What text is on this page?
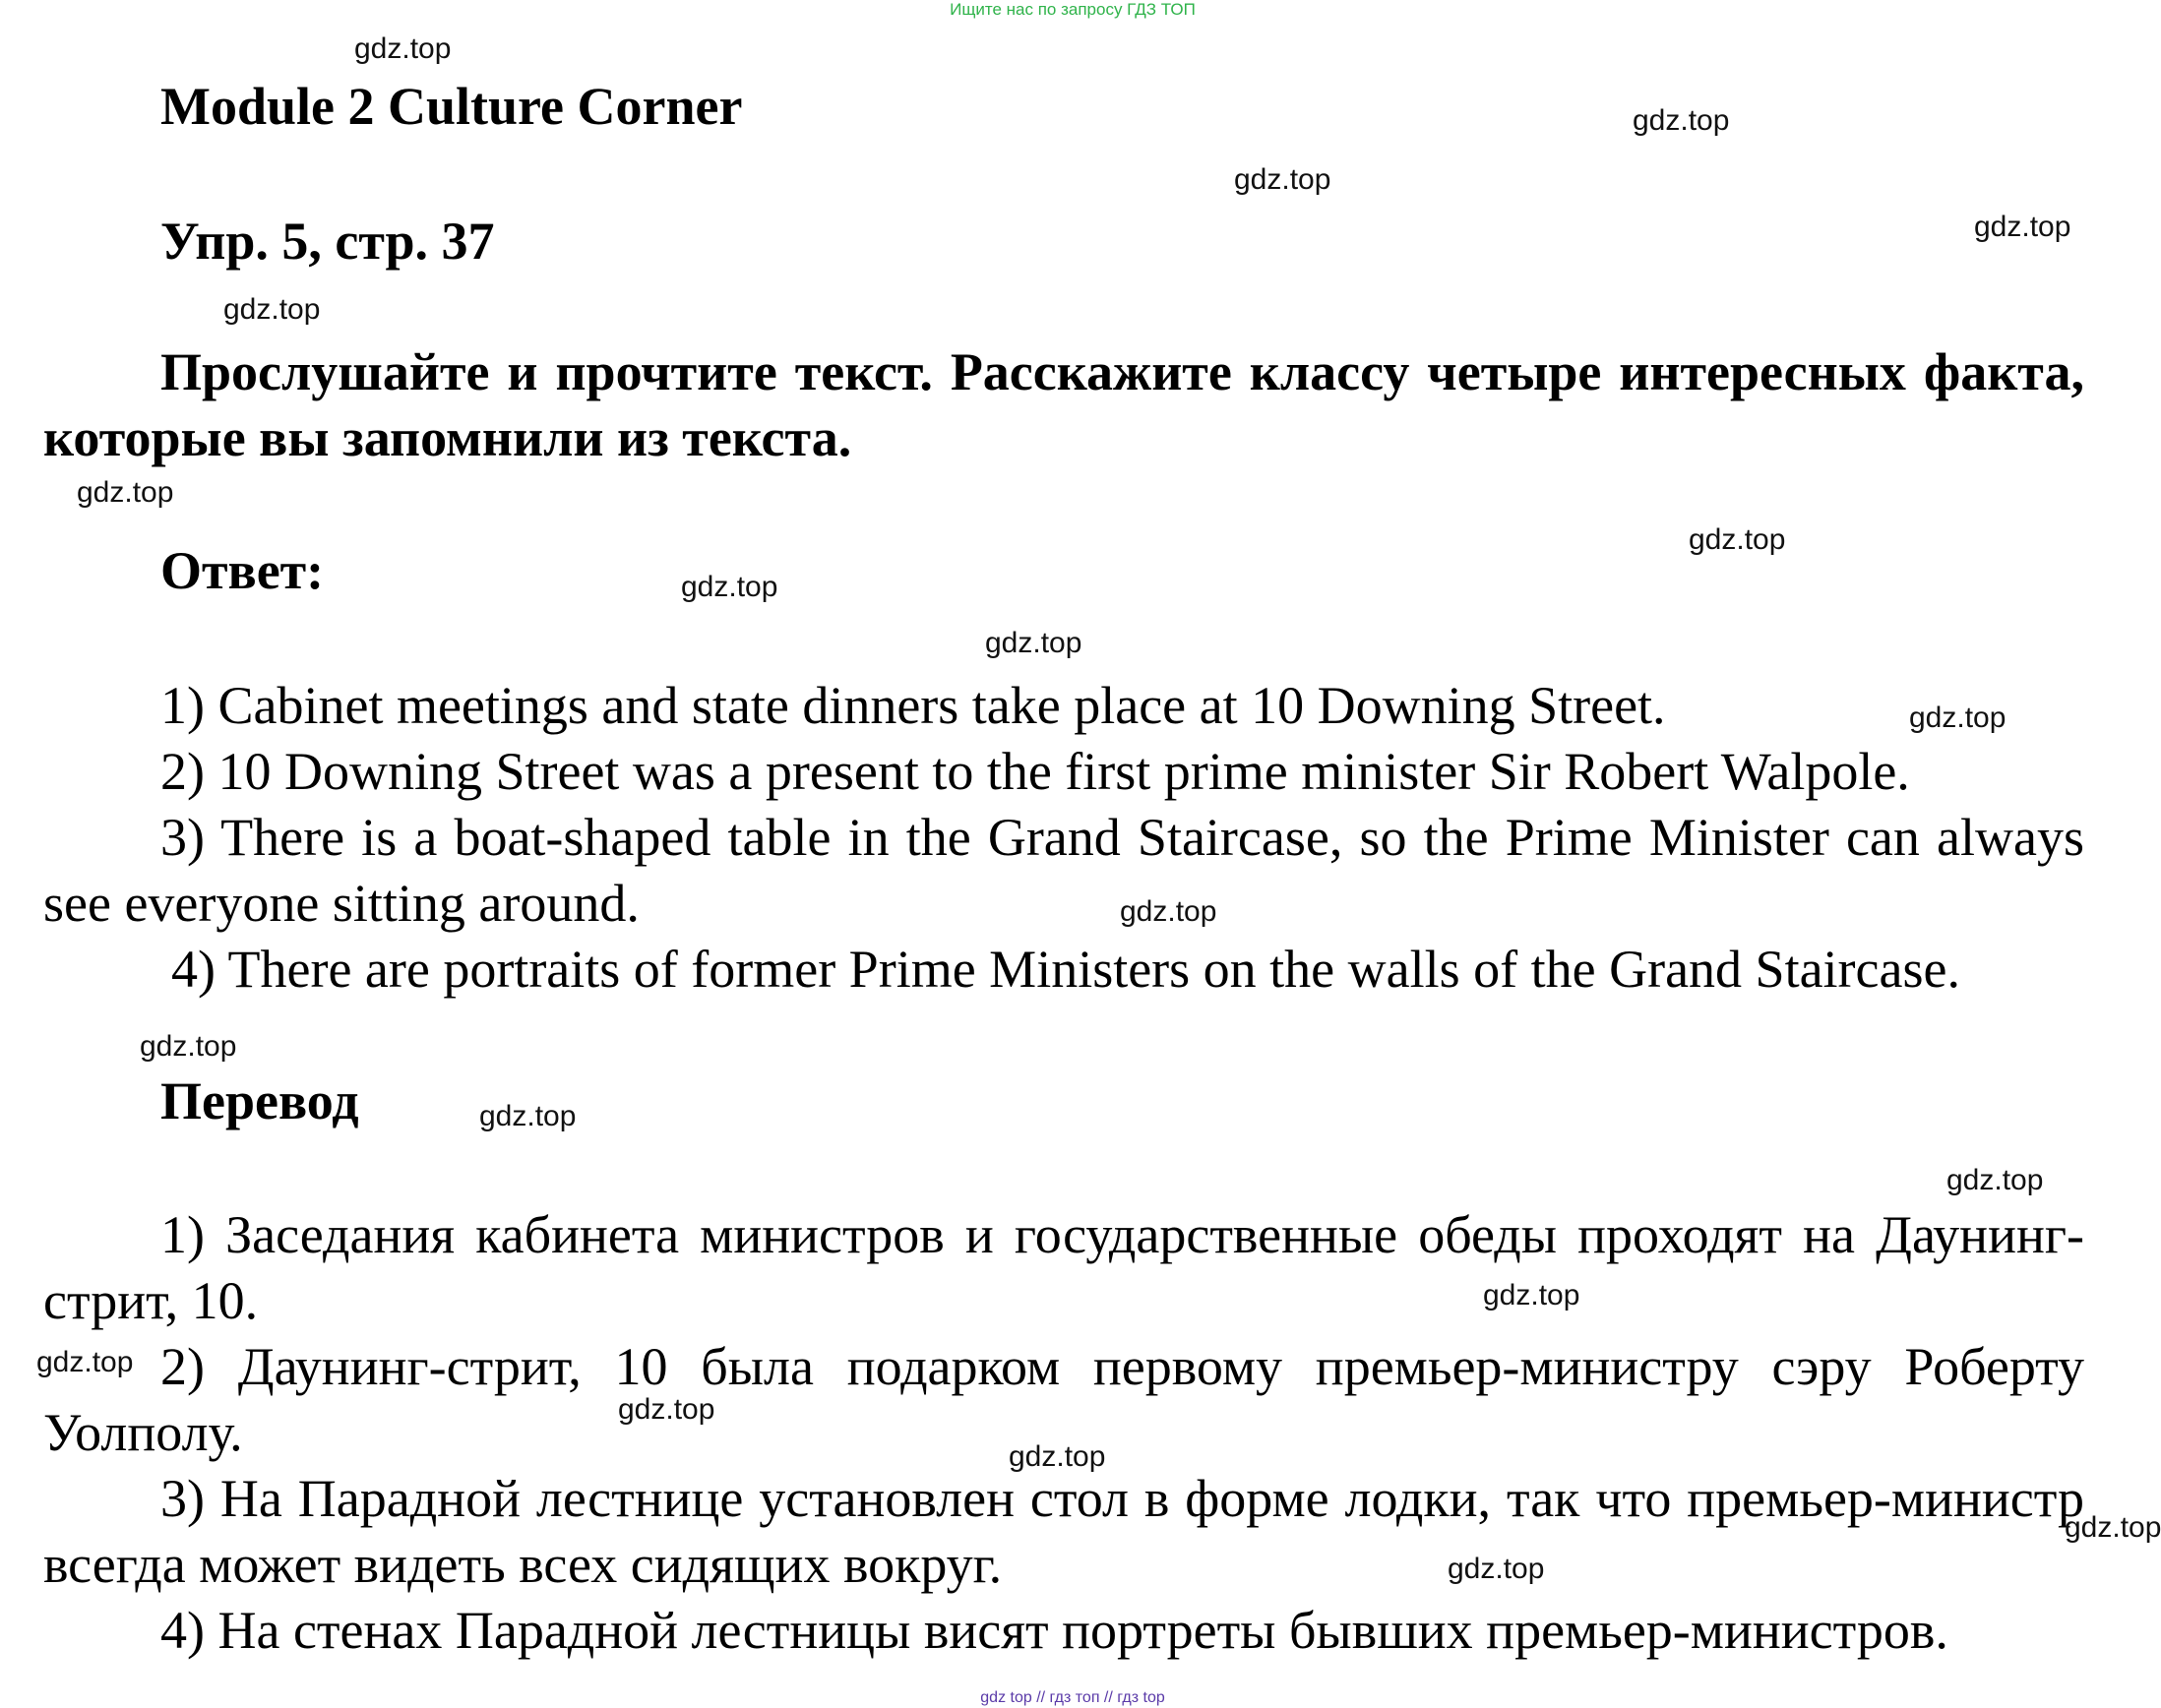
Ищите нас по запросу ГДЗ ТОП
Module 2 Culture Corner
Упр. 5, стр. 37

Прослушайте и прочтите текст. Расскажите классу четыре интересных факта, которые вы запомнили из текста.

Ответ:

1) Cabinet meetings and state dinners take place at 10 Downing Street.

2) 10 Downing Street was a present to the first prime minister Sir Robert Walpole.

3) There is a boat-shaped table in the Grand Staircase, so the Prime Minister can always see everyone sitting around.

4) There are portraits of former Prime Ministers on the walls of the Grand Staircase.

Перевод

1) Заседания кабинета министров и государственные обеды проходят на Даунинг-стрит, 10.

2) Даунинг-стрит, 10 была подарком первому премьер-министру сэру Роберту Уолполу.

3) На Парадной лестнице установлен стол в форме лодки, так что премьер-министр всегда может видеть всех сидящих вокруг.

4) На стенах Парадной лестницы висят портреты бывших премьер-министров.

gdz.top
gdz.top
gdz.top
gdz.top
gdz.top
gdz.top
gdz.top
gdz.top
gdz.top
gdz.top
gdz.top
gdz.top
gdz.top
gdz.top
gdz.top
gdz.top
gdz.top
gdz.top
gdz.top
gdz.top
gdz top // гдз топ // гдз top
